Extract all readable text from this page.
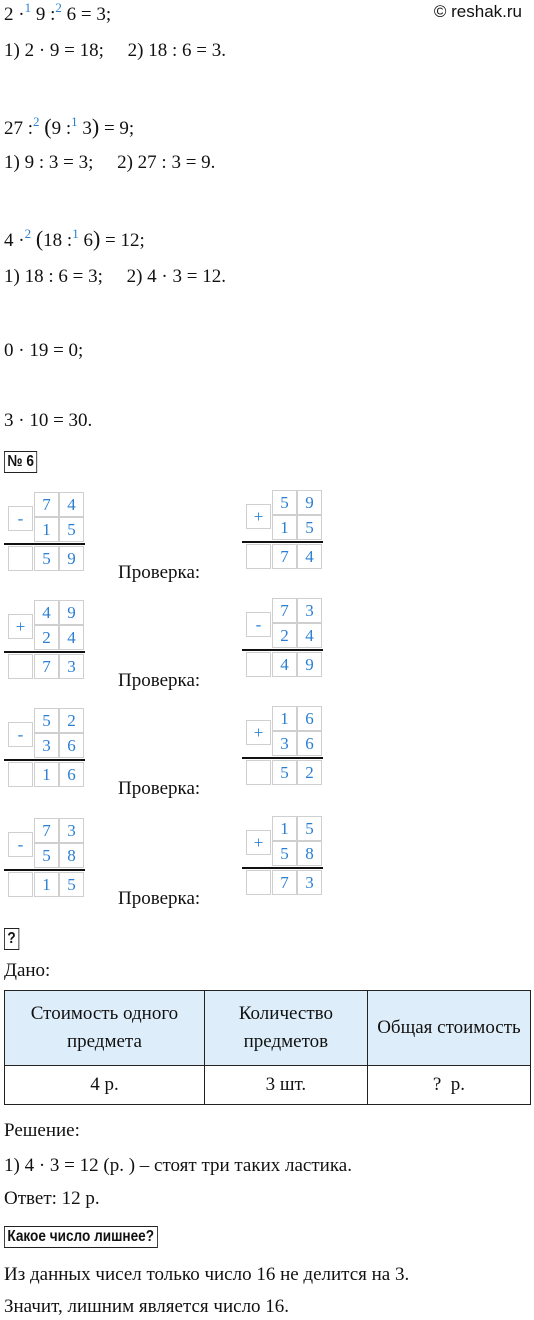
© reshak.ru
2 ·$^1$ 9 :$^2$ 6 = 3;
1) 2 · 9 = 18;     2) 18 : 6 = 3.
27 :$^2$ (9 :$^1$ 3) = 9;
1) 9 : 3 = 3;     2) 27 : 3 = 9.
4 ·$^2$ (18 :$^1$ 6) = 12;
1) 18 : 6 = 3;     2) 4 · 3 = 12.
0 · 19 = 0;
3 · 10 = 30.
№ 6
-
7 4
1 5
5 9
+
5 9
1 5
7 4
Проверка:
+
4 9
2 4
7 3
-
7 3
2 4
4 9
Проверка:
-
5 2
3 6
1 6
+
1 6
3 6
5 2
Проверка:
-
7 3
5 8
1 5
+
1 5
5 8
7 3
Проверка:
?
Дано:
Стоимость одного предмета	Количество предметов	Общая стоимость
4 р.	3 шт.	?  р.
Решение:
1) 4 · 3 = 12 (р. ) – стоят три таких ластика.
Ответ: 12 р.
Какое число лишнее?
Из данных чисел только число 16 не делится на 3.
Значит, лишним является число 16.
